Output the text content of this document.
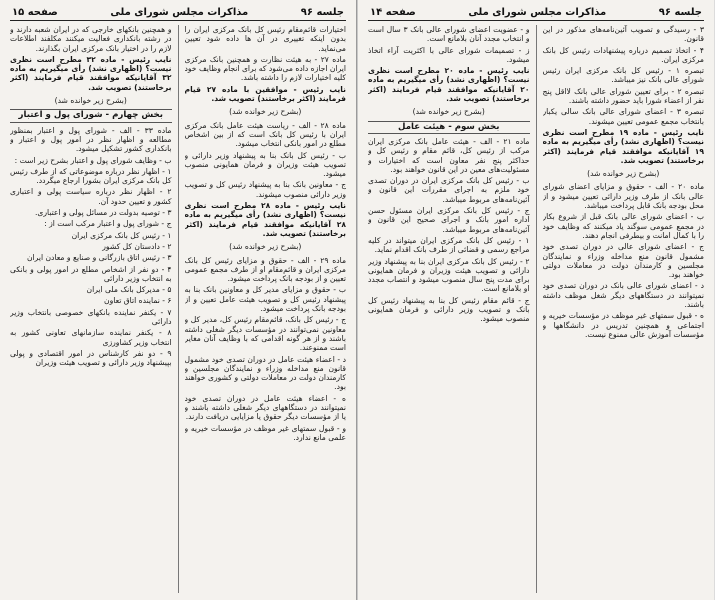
صفحه ۱۵	مذاکرات مجلس شورای ملی	جلسه ۹۶
اختیارات قائم‌مقام رئیس کل بانک مرکزی ایران را بدون اینکه تغییری در آن ها داده شود تعیین می‌نماید.
ماده ۲۷ - به هیئت نظارت و همچنین بانک مرکزی ایران اجازه داده می‌شود که برای انجام وظایف خود کلیه اختیارات لازم را داشته باشد.
نایب رئیس - موافقین با ماده ۲۷ قیام فرمایند (اکثر برخاستند) تصویب شد.
(بشرح زیر خوانده شد)
ماده ۲۸ - الف - ریاست هیئت عامل بانک مرکزی ایران با رئیس کل بانک است که از بین اشخاص مطلع در امور بانکی انتخاب میشود.
ب - رئیس کل بانک بنا به پیشنهاد وزیر دارائی و تصویب هیئت وزیران و فرمان همایونی منصوب میشود.
ج - معاونین بانک بنا به پیشنهاد رئیس کل و تصویب وزیر دارائی منصوب میشوند.
نایب رئیس - ماده ۲۸ مطرح است نظری نیست؟ (اظهاری نشد) رأی میگیریم به ماده ۲۸ آقایانیکه موافقند قیام فرمایند (اکثر برخاستند) تصویب شد.
(بشرح زیر خوانده شد)
ماده ۲۹ - الف - حقوق و مزایای رئیس کل بانک مرکزی ایران و قائم‌مقام او از طرف مجمع عمومی تعیین و از بودجه بانک پرداخت میشود.
ب - حقوق و مزایای مدیر کل و معاونین بانک بنا به پیشنهاد رئیس کل و تصویب هیئت عامل تعیین و از بودجه بانک پرداخت میشود.
ج - رئیس کل بانک، قائم‌مقام رئیس کل، مدیر کل و معاونین نمی‌توانند در مؤسسات دیگر شغلی داشته باشند و از هر گونه اقدامی که با وظایف آنان مغایر است ممنوعند.
د - اعضاء هیئت عامل در دوران تصدی خود مشمول قانون منع مداخله وزراء و نمایندگان مجلسین و کارمندان دولت در معاملات دولتی و کشوری خواهند بود.
ه - اعضاء هیئت عامل در دوران تصدی خود نمیتوانند در دستگاههای دیگر شغلی داشته باشند و یا از مؤسسات دیگر حقوق یا مزایایی دریافت دارند.
و - قبول سمتهای غیر موظف در مؤسسات خیریه و علمی مانع ندارد.
و همچنین بانکهای خارجی که در ایران شعبه دارند و در رشته بانکداری فعالیت میکنند مکلفند اطلاعات لازم را در اختیار بانک مرکزی ایران بگذارند.
نایب رئیس - ماده ۳۲ مطرح است نظری نیست؟ (اظهاری نشد) رأی میگیریم به ماده ۳۲ آقایانیکه موافقند قیام فرمایند (اکثر برخاستند) تصویب شد.
(بشرح زیر خوانده شد)
بخش چهارم - شورای پول و اعتبار
ماده ۳۳ - الف - شورای پول و اعتبار بمنظور مطالعه و اظهار نظر در امور پول و اعتبار و بانکداری کشور تشکیل میشود.
ب - وظایف شورای پول و اعتبار بشرح زیر است :
۱ - اظهار نظر درباره موضوعاتی که از طرف رئیس کل بانک مرکزی ایران بشورا ارجاع میگردد.
۲ - اظهار نظر درباره سیاست پولی و اعتباری کشور و تعیین حدود آن.
۳ - توصیه بدولت در مسائل پولی و اعتباری.
ج - شورای پول و اعتبار مرکب است از :
۱ - رئیس کل بانک مرکزی ایران
۲ - دادستان کل کشور
۳ - رئیس اتاق بازرگانی و صنایع و معادن ایران
۴ - دو نفر از اشخاص مطلع در امور پولی و بانکی به انتخاب وزیر دارائی
۵ - مدیرکل بانک ملی ایران
۶ - نماینده اتاق تعاون
۷ - یکنفر نماینده بانکهای خصوصی بانتخاب وزیر دارائی
۸ - یکنفر نماینده سازمانهای تعاونی کشور به انتخاب وزیر کشاورزی
۹ - دو نفر کارشناس در امور اقتصادی و پولی بپیشنهاد وزیر دارائی و تصویب هیئت وزیران
صفحه ۱۴	مذاکرات مجلس شورای ملی	جلسه ۹۶
۳ - رسیدگی و تصویب آئین‌نامه‌های مذکور در این قانون.
۴ - اتخاذ تصمیم درباره پیشنهادات رئیس کل بانک مرکزی ایران.
تبصره ۱ - رئیس کل بانک مرکزی ایران رئیس شورای عالی بانک نیز میباشد.
تبصره ۲ - برای تعیین شورای عالی بانک لااقل پنج نفر از اعضاء شورا باید حضور داشته باشند.
تبصره ۳ - اعضای شورای عالی بانک سالی یکبار بانتخاب مجمع عمومی تعیین میشوند.
نایب رئیس - ماده ۱۹ مطرح است نظری نیست؟ (اظهاری نشد) رأی میگیریم به ماده ۱۹ آقایانیکه موافقند قیام فرمایند (اکثر برخاستند) تصویب شد.
(بشرح زیر خوانده شد)
ماده ۲۰ - الف - حقوق و مزایای اعضای شورای عالی بانک از طرف وزیر دارائی تعیین میشود و از محل بودجه بانک قابل پرداخت میباشد.
ب - اعضای شورای عالی بانک قبل از شروع بکار در مجمع عمومی سوگند یاد میکنند که وظایف خود را با کمال امانت و بیطرفی انجام دهند.
ج - اعضای شورای عالی در دوران تصدی خود مشمول قانون منع مداخله وزراء و نمایندگان مجلسین و کارمندان دولت در معاملات دولتی خواهند بود.
د - اعضای شورای عالی بانک در دوران تصدی خود نمیتوانند در دستگاههای دیگر شغل موظف داشته باشند.
ه - قبول سمتهای غیر موظف در مؤسسات خیریه و اجتماعی و همچنین تدریس در دانشگاهها و مؤسسات آموزش عالی ممنوع نیست.
و - عضویت اعضای شورای عالی بانک ۳ سال است و انتخاب مجدد آنان بلامانع است.
ز - تصمیمات شورای عالی با اکثریت آراء اتخاذ میشود.
نایب رئیس - ماده ۲۰ مطرح است نظری نیست؟ (اظهاری نشد) رأی میگیریم به ماده ۲۰ آقایانیکه موافقند قیام فرمایند (اکثر برخاستند) تصویب شد.
(بشرح زیر خوانده شد)
بخش سوم - هیئت عامل
ماده ۲۱ - الف - هیئت عامل بانک مرکزی ایران مرکب از رئیس کل، قائم مقام و رئیس کل و حداکثر پنج نفر معاون است که اختیارات و مسئولیت‌های معین در این قانون خواهند بود.
ب - رئیس کل بانک مرکزی ایران در دوران تصدی خود ملزم به اجرای مقررات این قانون و آئین‌نامه‌های مربوط میباشد.
ج - رئیس کل بانک مرکزی ایران مسئول حسن اداره امور بانک و اجرای صحیح این قانون و آئین‌نامه‌های مربوط میباشد.
۱ - رئیس کل بانک مرکزی ایران میتواند در کلیه مراجع رسمی و قضائی از طرف بانک اقدام نماید.
۲ - رئیس کل بانک مرکزی ایران بنا به پیشنهاد وزیر دارائی و تصویب هیئت وزیران و فرمان همایونی برای مدت پنج سال منصوب میشود و انتصاب مجدد او بلامانع است.
ج - قائم مقام رئیس کل بنا به پیشنهاد رئیس کل بانک و تصویب وزیر دارائی و فرمان همایونی منصوب میشود.
